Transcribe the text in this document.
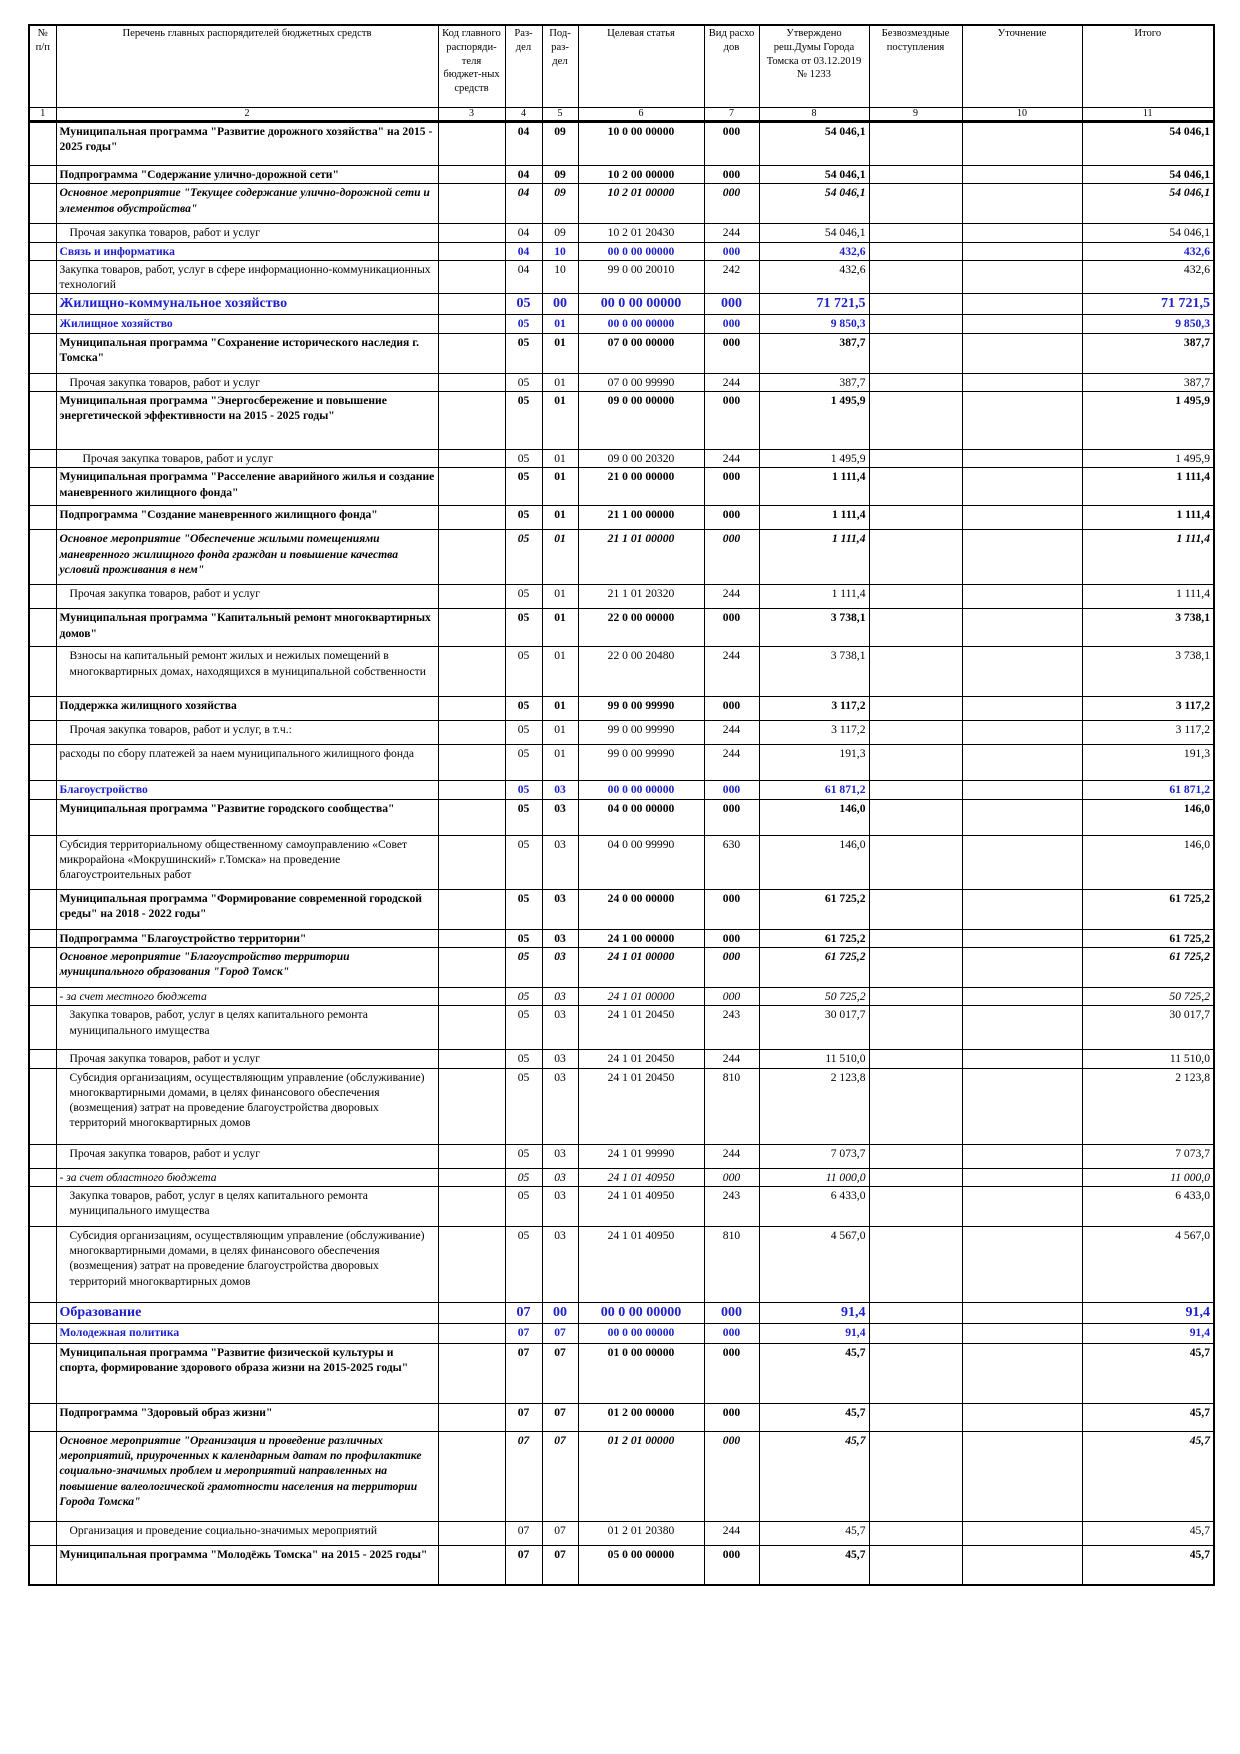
№ п/п	Перечень главных распорядителей бюджетных средств	Код главного распоряди-теля бюджет-ных средств	Раз-дел	Под-раз-дел	Целевая статья	Вид расхо дов	Утверждено реш.Думы Города Томска от 03.12.2019 № 1233	Безвозмездные поступления	Уточнение	Итого
1	2	3	4	5	6	7	8	9	10	11
	Муниципальная программа "Развитие дорожного хозяйства" на 2015 - 2025 годы"		04	09	10 0 00 00000	000	54 046,1			54 046,1
	Подпрограмма "Содержание улично-дорожной сети"		04	09	10 2 00 00000	000	54 046,1			54 046,1
	Основное мероприятие "Текущее содержание улично-дорожной сети и элементов обустройства"		04	09	10 2 01 00000	000	54 046,1			54 046,1
	Прочая закупка товаров, работ и услуг		04	09	10 2 01 20430	244	54 046,1			54 046,1
	Связь и информатика		04	10	00 0 00 00000	000	432,6			432,6
	Закупка товаров, работ, услуг в сфере информационно-коммуникационных технологий		04	10	99 0 00 20010	242	432,6			432,6
	Жилищно-коммунальное хозяйство		05	00	00 0 00 00000	000	71 721,5			71 721,5
	Жилищное хозяйство		05	01	00 0 00 00000	000	9 850,3			9 850,3
	Муниципальная программа "Сохранение исторического наследия г. Томска"		05	01	07 0 00 00000	000	387,7			387,7
	Прочая закупка товаров, работ и услуг		05	01	07 0 00 99990	244	387,7			387,7
	Муниципальная программа "Энергосбережение и повышение энергетической эффективности на 2015 - 2025 годы"		05	01	09 0 00 00000	000	1 495,9			1 495,9
	Прочая закупка товаров, работ и услуг		05	01	09 0 00 20320	244	1 495,9			1 495,9
	Муниципальная программа "Расселение аварийного жилья и создание маневренного жилищного фонда"		05	01	21 0 00 00000	000	1 111,4			1 111,4
	Подпрограмма "Создание маневренного жилищного фонда"		05	01	21 1 00 00000	000	1 111,4			1 111,4
	Основное мероприятие "Обеспечение жилыми помещениями маневренного жилищного фонда граждан и повышение качества условий проживания в нем"		05	01	21 1 01 00000	000	1 111,4			1 111,4
	Прочая закупка товаров, работ и услуг		05	01	21 1 01 20320	244	1 111,4			1 111,4
	Муниципальная программа "Капитальный ремонт многоквартирных домов"		05	01	22 0 00 00000	000	3 738,1			3 738,1
	Взносы на капитальный ремонт жилых и нежилых помещений в многоквартирных домах, находящихся в муниципальной собственности		05	01	22 0 00 20480	244	3 738,1			3 738,1
	Поддержка жилищного хозяйства		05	01	99 0 00 99990	000	3 117,2			3 117,2
	Прочая закупка товаров, работ и услуг, в т.ч.:		05	01	99 0 00 99990	244	3 117,2			3 117,2
	расходы по сбору платежей за наем муниципального жилищного фонда		05	01	99 0 00 99990	244	191,3			191,3
	Благоустройство		05	03	00 0 00 00000	000	61 871,2			61 871,2
	Муниципальная программа "Развитие городского сообщества"		05	03	04 0 00 00000	000	146,0			146,0
	Субсидия территориальному общественному самоуправлению «Совет микрорайона «Мокрушинский» г.Томска» на проведение благоустроительных работ		05	03	04 0 00 99990	630	146,0			146,0
	Муниципальная программа "Формирование современной городской среды" на 2018 - 2022 годы"		05	03	24 0 00 00000	000	61 725,2			61 725,2
	Подпрограмма "Благоустройство территории"		05	03	24 1 00 00000	000	61 725,2			61 725,2
	Основное мероприятие "Благоустройство территории муниципального образования "Город Томск"		05	03	24 1 01 00000	000	61 725,2			61 725,2
	- за счет местного бюджета		05	03	24 1 01 00000	000	50 725,2			50 725,2
	Закупка товаров, работ, услуг в целях капитального ремонта муниципального имущества		05	03	24 1 01 20450	243	30 017,7			30 017,7
	Прочая закупка товаров, работ и услуг		05	03	24 1 01 20450	244	11 510,0			11 510,0
	Субсидия организациям, осуществляющим управление (обслуживание) многоквартирными домами, в целях финансового обеспечения (возмещения) затрат на проведение благоустройства дворовых территорий многоквартирных домов		05	03	24 1 01 20450	810	2 123,8			2 123,8
	Прочая закупка товаров, работ и услуг		05	03	24 1 01 99990	244	7 073,7			7 073,7
	- за счет областного бюджета		05	03	24 1 01 40950	000	11 000,0			11 000,0
	Закупка товаров, работ, услуг в целях капитального ремонта муниципального имущества		05	03	24 1 01 40950	243	6 433,0			6 433,0
	Субсидия организациям, осуществляющим управление (обслуживание) многоквартирными домами, в целях финансового обеспечения (возмещения) затрат на проведение благоустройства дворовых территорий многоквартирных домов		05	03	24 1 01 40950	810	4 567,0			4 567,0
	Образование		07	00	00 0 00 00000	000	91,4			91,4
	Молодежная политика		07	07	00 0 00 00000	000	91,4			91,4
	Муниципальная программа "Развитие физической культуры и спорта, формирование здорового образа жизни на 2015-2025 годы"		07	07	01 0 00 00000	000	45,7			45,7
	Подпрограмма "Здоровый образ жизни"		07	07	01 2 00 00000	000	45,7			45,7
	Основное мероприятие "Организация и проведение различных мероприятий, приуроченных к календарным датам по профилактике социально-значимых проблем и мероприятий направленных на повышение валеологической грамотности населения на территории Города Томска"		07	07	01 2 01 00000	000	45,7			45,7
	Организация и проведение социально-значимых мероприятий		07	07	01 2 01 20380	244	45,7			45,7
	Муниципальная программа "Молодёжь Томска" на 2015 - 2025 годы"		07	07	05 0 00 00000	000	45,7			45,7
